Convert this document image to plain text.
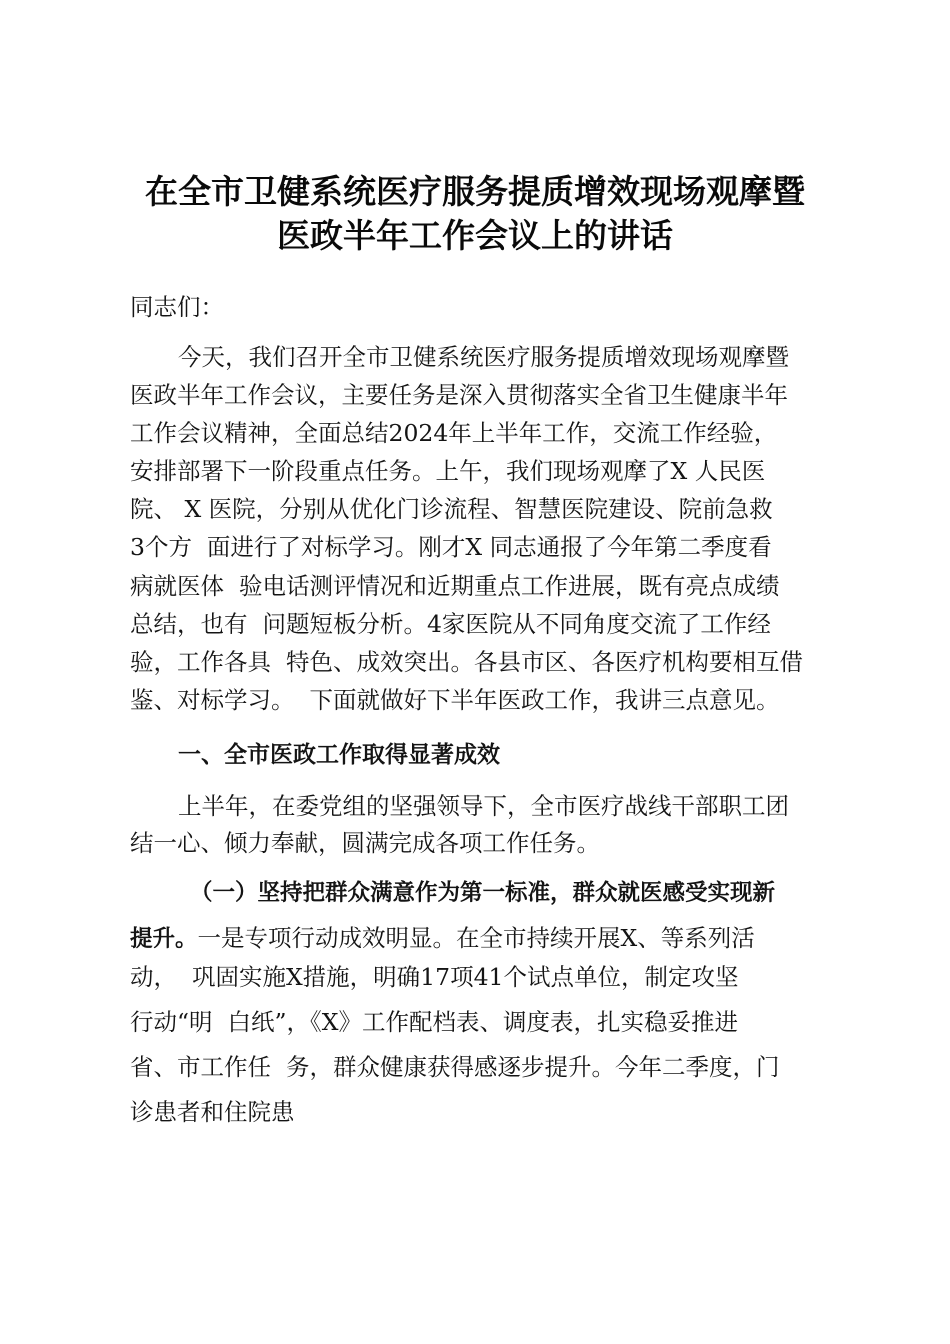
在全市卫健系统医疗服务提质增效现场观摩暨
医政半年工作会议上的讲话
同志们：
今天，我们召开全市卫健系统医疗服务提质增效现场观摩暨
医政半年工作会议，主要任务是深入贯彻落实全省卫生健康半年
工作会议精神，全面总结2024年上半年工作，交流工作经验，
安排部署下一阶段重点任务。上午，我们现场观摩了X 人民医
院、 X 医院，分别从优化门诊流程、智慧医院建设、院前急救
3个方  面进行了对标学习。刚才X 同志通报了今年第二季度看
病就医体  验电话测评情况和近期重点工作进展，既有亮点成绩
总结，也有  问题短板分析。4家医院从不同角度交流了工作经
验，工作各具  特色、成效突出。各县市区、各医疗机构要相互借
鉴、对标学习。  下面就做好下半年医政工作，我讲三点意见。
一、全市医政工作取得显著成效
上半年，在委党组的坚强领导下，全市医疗战线干部职工团
结一心、倾力奉献，圆满完成各项工作任务。
（一）坚持把群众满意作为第一标准，群众就医感受实现新
提升。一是专项行动成效明显。在全市持续开展X、等系列活
动，  巩固实施X措施，明确17项41个试点单位，制定攻坚
行动“明  白纸”，《X》工作配档表、调度表，扎实稳妥推进
省、市工作任  务，群众健康获得感逐步提升。今年二季度，门
诊患者和住院患
